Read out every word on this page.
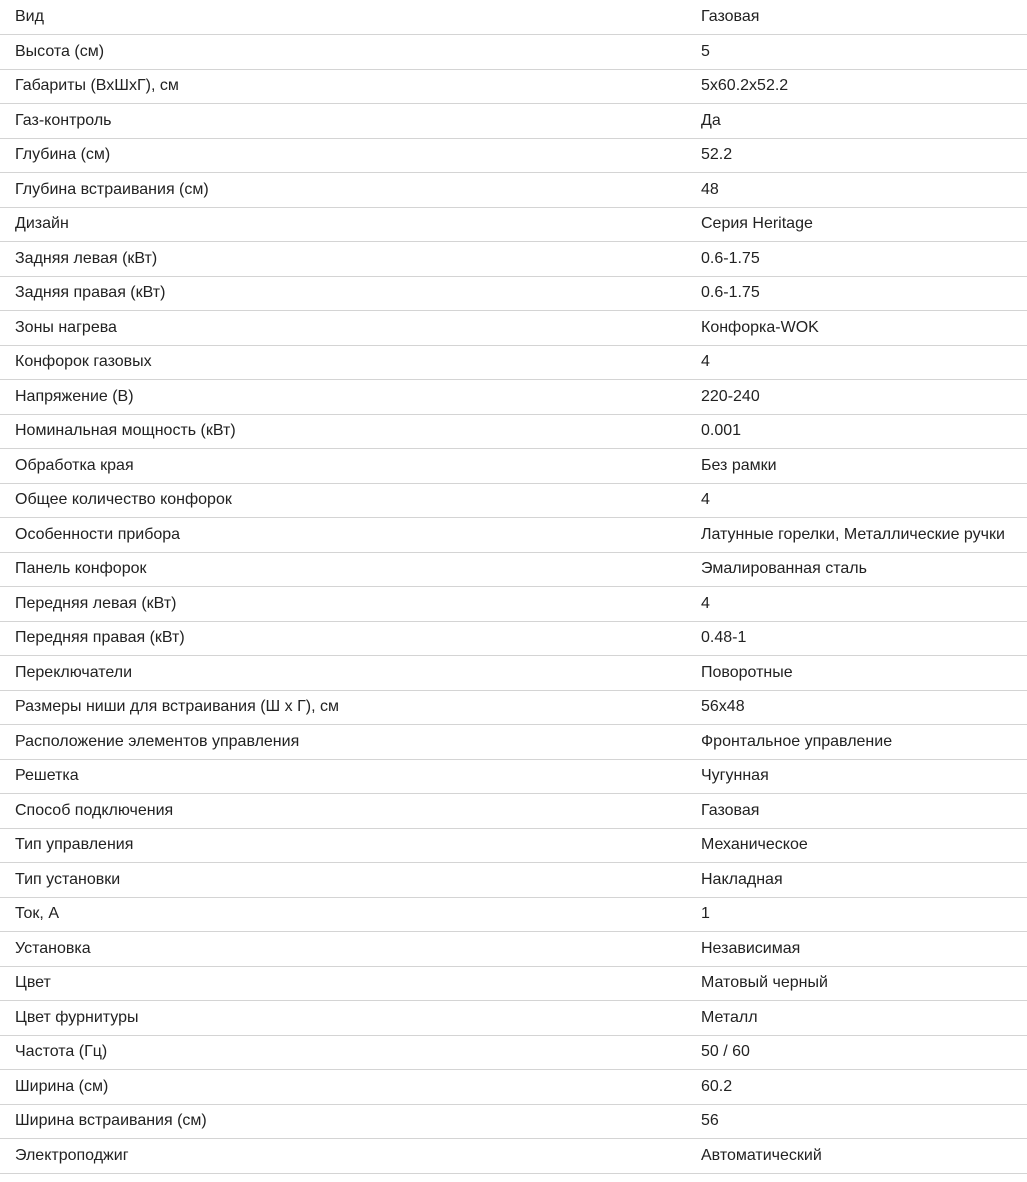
Вид	Газовая
Высота (см)	5
Габариты (ВхШхГ), см	5x60.2x52.2
Газ-контроль	Да
Глубина (см)	52.2
Глубина встраивания (см)	48
Дизайн	Серия Heritage
Задняя левая (кВт)	0.6-1.75
Задняя правая (кВт)	0.6-1.75
Зоны нагрева	Конфорка-WOK
Конфорок газовых	4
Напряжение (В)	220-240
Номинальная мощность (кВт)	0.001
Обработка края	Без рамки
Общее количество конфорок	4
Особенности прибора	Латунные горелки, Металлические ручки
Панель конфорок	Эмалированная сталь
Передняя левая (кВт)	4
Передняя правая (кВт)	0.48-1
Переключатели	Поворотные
Размеры ниши для встраивания (Ш х Г), см	56x48
Расположение элементов управления	Фронтальное управление
Решетка	Чугунная
Способ подключения	Газовая
Тип управления	Механическое
Тип установки	Накладная
Ток, А	1
Установка	Независимая
Цвет	Матовый черный
Цвет фурнитуры	Металл
Частота (Гц)	50 / 60
Ширина (см)	60.2
Ширина встраивания (см)	56
Электроподжиг	Автоматический
